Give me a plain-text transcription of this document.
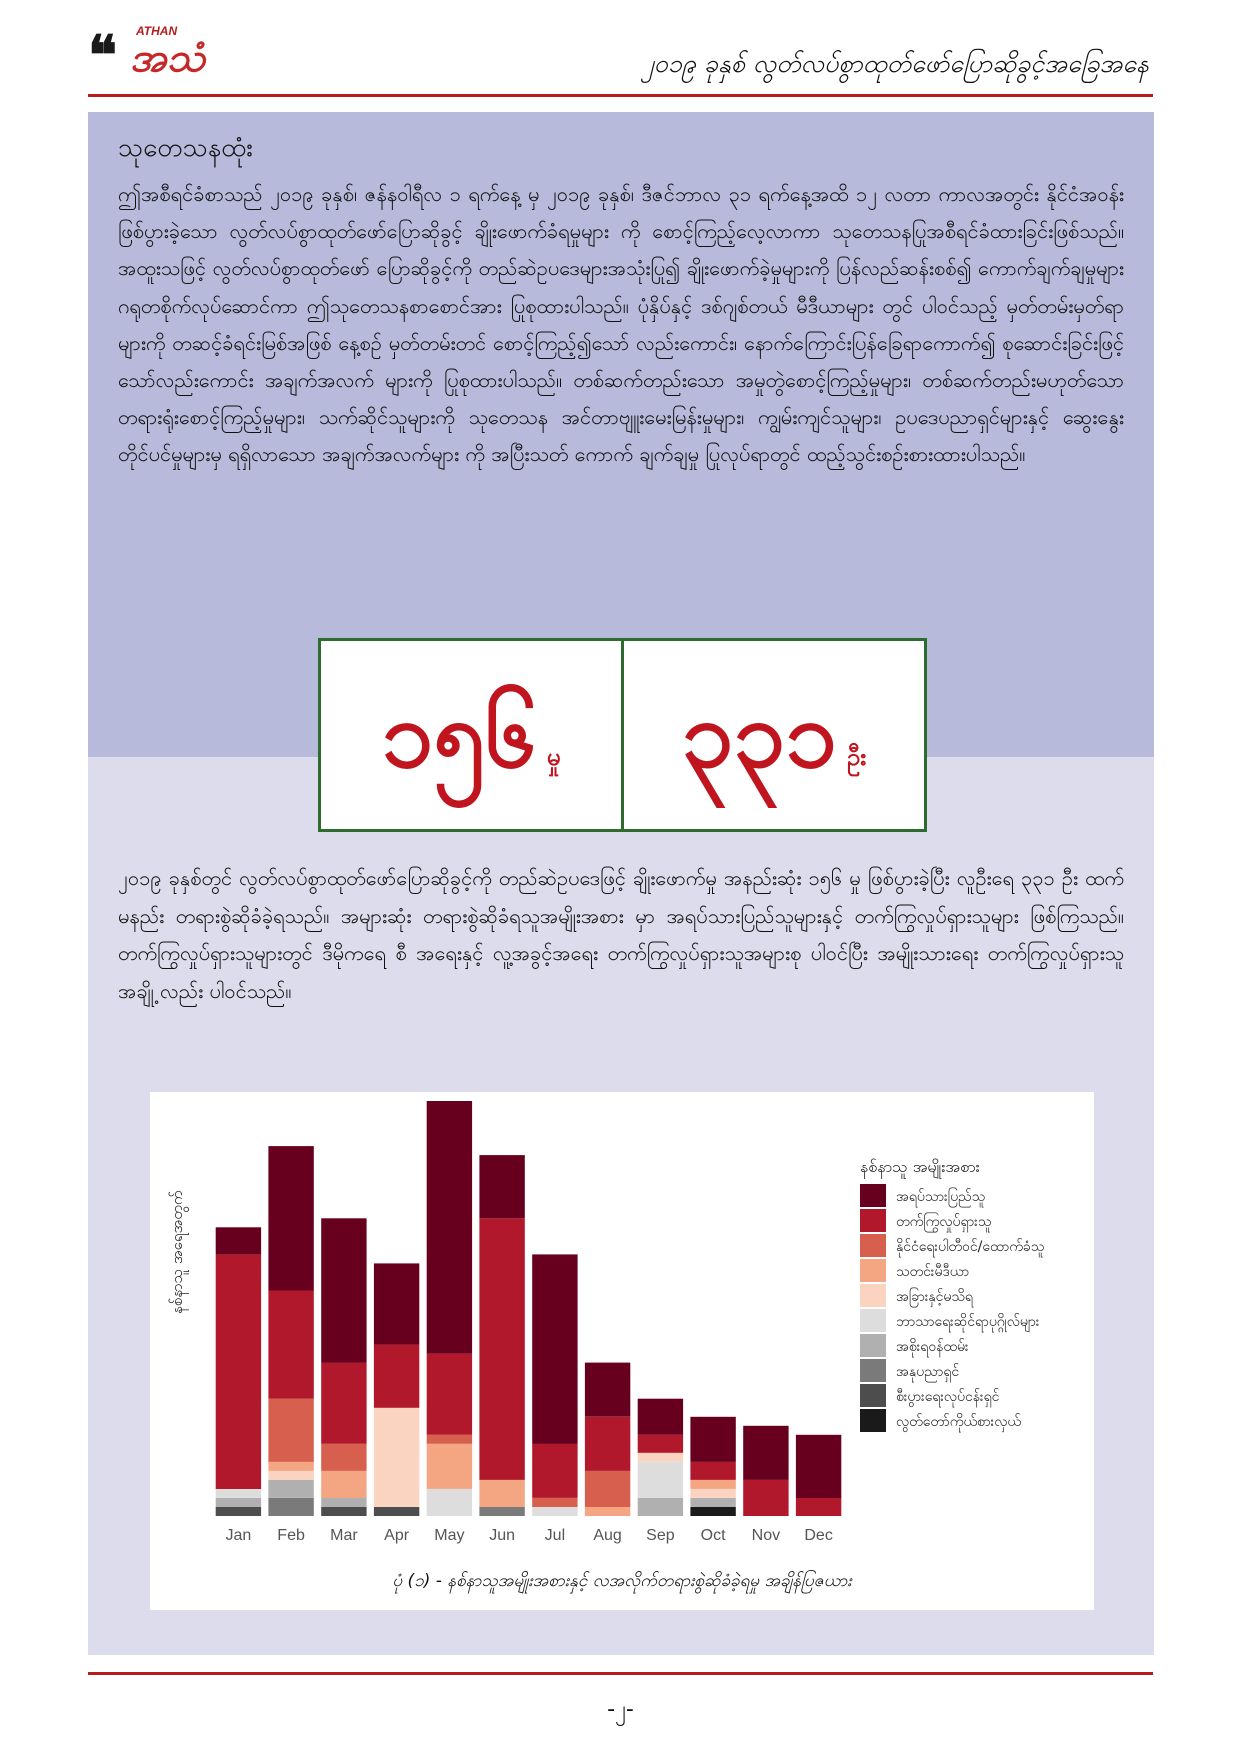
❝ ATHAN
အသံ	၂၀၁၉ ခုနှစ် လွတ်လပ်စွာထုတ်ဖော်ပြောဆိုခွင့်အခြေအနေ
သုတေသနထုံး

ဤအစီရင်ခံစာသည် ၂၀၁၉ ခုနှစ်၊ ဇန်နဝါရီလ ၁ ရက်နေ့ မှ ၂၀၁၉ ခုနှစ်၊ ဒီဇင်ဘာလ ၃၁ ရက်နေ့အထိ ၁၂ လတာ ကာလအတွင်း နိုင်ငံအဝန်းဖြစ်ပွားခဲ့သော လွတ်လပ်စွာထုတ်ဖော်ပြောဆိုခွင့် ချိုးဖောက်ခံရမှုများ ကို စောင့်ကြည့်လေ့လာကာ သုတေသနပြုအစီရင်ခံထားခြင်းဖြစ်သည်။ အထူးသဖြင့် လွတ်လပ်စွာထုတ်ဖော် ပြောဆိုခွင့်ကို တည်ဆဲဥပဒေများအသုံးပြု၍ ချိုးဖောက်ခဲ့မှုများကို ပြန်လည်ဆန်းစစ်၍ ကောက်ချက်ချမှုများ ဂရုတစိုက်လုပ်ဆောင်ကာ ဤသုတေသနစာစောင်အား ပြုစုထားပါသည်။ ပုံနှိပ်နှင့် ဒစ်ဂျစ်တယ် မီဒီယာများ တွင် ပါဝင်သည့် မှတ်တမ်းမှတ်ရာများကို တဆင့်ခံရင်းမြစ်အဖြစ် နေ့စဉ် မှတ်တမ်းတင် စောင့်ကြည့်၍သော် လည်းကောင်း၊ နောက်ကြောင်းပြန်ခြေရာကောက်၍ စုဆောင်းခြင်းဖြင့်သော်လည်းကောင်း အချက်အလက် များကို ပြုစုထားပါသည်။ တစ်ဆက်တည်းသော အမှုတွဲစောင့်ကြည့်မှုများ၊ တစ်ဆက်တည်းမဟုတ်သော တရားရုံးစောင့်ကြည့်မှုများ၊ သက်ဆိုင်သူများကို သုတေသန အင်တာဗျူးမေးမြန်းမှုများ၊ ကျွမ်းကျင်သူများ၊ ဥပဒေပညာရှင်များနှင့် ဆွေးနွေးတိုင်ပင်မှုများမှ ရရှိလာသော အချက်အလက်များ ကို အပြီးသတ် ကောက် ချက်ချမှု ပြုလုပ်ရာတွင် ထည့်သွင်းစဉ်းစားထားပါသည်။

၁၅၆ မှု ၃၃၁ ဦး

၂၀၁၉ ခုနှစ်တွင် လွတ်လပ်စွာထုတ်ဖော်ပြောဆိုခွင့်ကို တည်ဆဲဥပဒေဖြင့် ချိုးဖောက်မှု အနည်းဆုံး ၁၅၆ မှု ဖြစ်ပွားခဲ့ပြီး လူဦးရေ ၃၃၁ ဦး ထက်မနည်း တရားစွဲဆိုခံခဲ့ရသည်။ အများဆုံး တရားစွဲဆိုခံရသူအမျိုးအစား မှာ အရပ်သားပြည်သူများနှင့် တက်ကြွလှုပ်ရှားသူများ ဖြစ်ကြသည်။ တက်ကြွလှုပ်ရှားသူများတွင် ဒီမိုကရေ စီ အရေးနှင့် လူ့အခွင့်အရေး တက်ကြွလှုပ်ရှားသူအများစု ပါဝင်ပြီး အမျိုးသားရေး တက်ကြွလှုပ်ရှားသူ အချို့ လည်း ပါဝင်သည်။

Jan Feb Mar Apr May Jun Jul Aug Sep Oct Nov Dec
နစ်နာသူ အရေအတွက်
နစ်နာသူ အမျိုးအစား
အရပ်သားပြည်သူ
တက်ကြွလှုပ်ရှားသူ
နိုင်ငံရေးပါတီဝင်/ထောက်ခံသူ
သတင်းမီဒီယာ
အခြားနှင့်မသိရ
ဘာသာရေးဆိုင်ရာပုဂ္ဂိုလ်များ
အစိုးရဝန်ထမ်း
အနုပညာရှင်
စီးပွားရေးလုပ်ငန်းရှင်
လွတ်တော်ကိုယ်စားလှယ်
ပုံ (၁) - နစ်နာသူအမျိုးအစားနှင့် လအလိုက်တရားစွဲဆိုခံခဲ့ရမှု အချိန်ပြဇယား
-၂-
